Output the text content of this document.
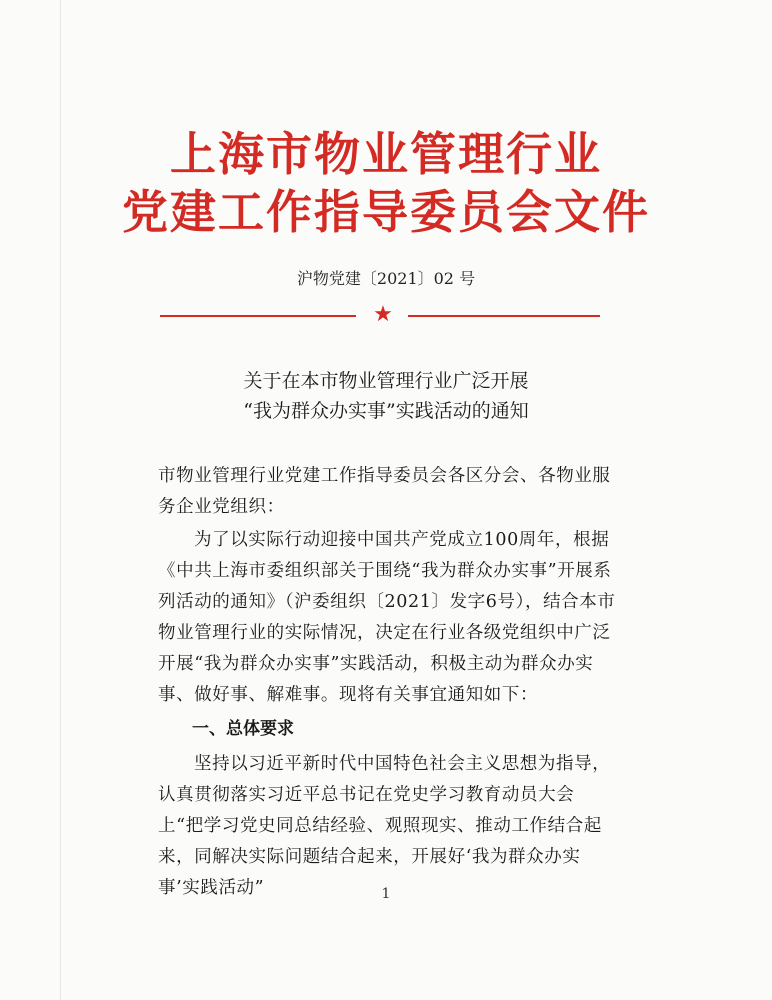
上海市物业管理行业
党建工作指导委员会文件
沪物党建〔2021〕02 号
★
关于在本市物业管理行业广泛开展
“我为群众办实事”实践活动的通知

市物业管理行业党建工作指导委员会各区分会、各物业服务企业党组织：

为了以实际行动迎接中国共产党成立100周年，根据《中共上海市委组织部关于围绕“我为群众办实事”开展系列活动的通知》（沪委组织〔2021〕发字6号），结合本市物业管理行业的实际情况，决定在行业各级党组织中广泛开展“我为群众办实事”实践活动，积极主动为群众办实事、做好事、解难事。现将有关事宜通知如下：

一、总体要求

坚持以习近平新时代中国特色社会主义思想为指导，认真贯彻落实习近平总书记在党史学习教育动员大会上“把学习党史同总结经验、观照现实、推动工作结合起来，同解决实际问题结合起来，开展好‘我为群众办实事’实践活动”	1
